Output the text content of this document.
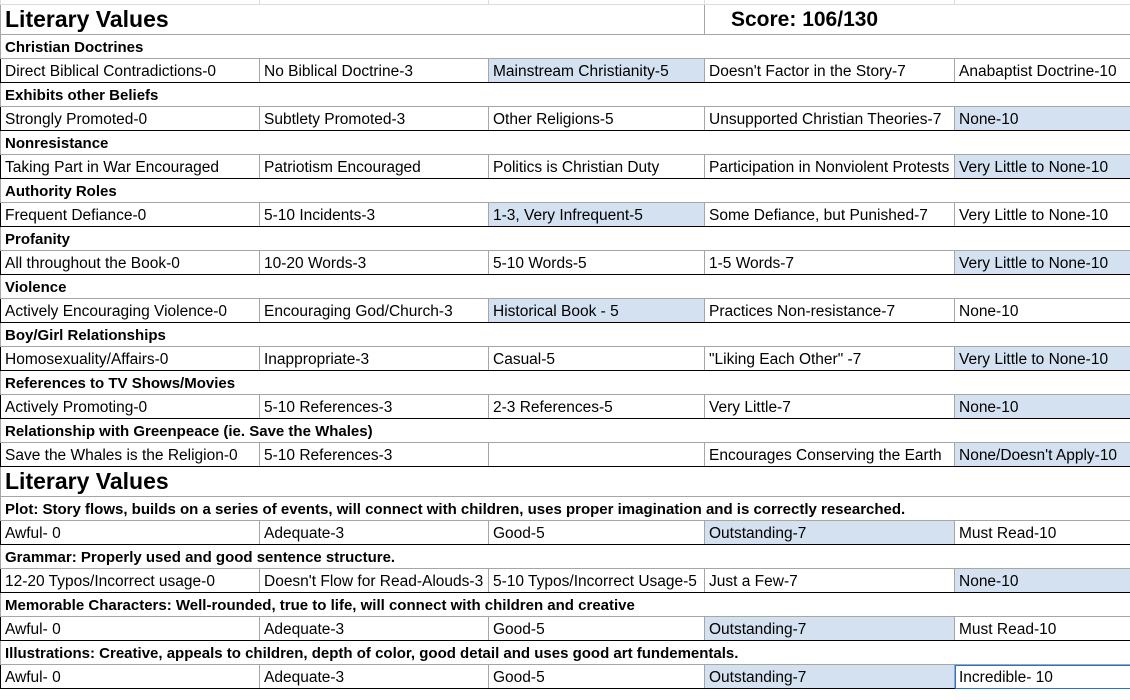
Literary Values			Score: 106/130	
Christian Doctrines				
Direct Biblical Contradictions-0	No Biblical Doctrine-3	Mainstream Christianity-5	Doesn't Factor in the Story-7	Anabaptist Doctrine-10
Exhibits other Beliefs				
Strongly Promoted-0	Subtlety Promoted-3	Other Religions-5	Unsupported Christian Theories-7	None-10
Nonresistance				
Taking Part in War Encouraged	Patriotism Encouraged	Politics is Christian Duty	Participation in Nonviolent Protests	Very Little to None-10
Authority Roles				
Frequent Defiance-0	5-10 Incidents-3	1-3, Very Infrequent-5	Some Defiance, but Punished-7	Very Little to None-10
Profanity				
All throughout the Book-0	10-20 Words-3	5-10 Words-5	1-5 Words-7	Very Little to None-10
Violence				
Actively Encouraging Violence-0	Encouraging God/Church-3	Historical Book - 5	Practices Non-resistance-7	None-10
Boy/Girl Relationships				
Homosexuality/Affairs-0	Inappropriate-3	Casual-5	"Liking Each Other" -7	Very Little to None-10
References to TV Shows/Movies				
Actively Promoting-0	5-10 References-3	2-3 References-5	Very Little-7	None-10
Relationship with Greenpeace (ie. Save the Whales)				
Save the Whales is the Religion-0	5-10 References-3		Encourages Conserving the Earth	None/Doesn't Apply-10
Literary Values				
Plot: Story flows, builds on a series of events, will connect with children, uses proper imagination and is correctly researched.				
Awful- 0	Adequate-3	Good-5	Outstanding-7	Must Read-10
Grammar: Properly used and good sentence structure.				
12-20 Typos/Incorrect usage-0	Doesn't Flow for Read-Alouds-3	5-10 Typos/Incorrect Usage-5	Just a Few-7	None-10
Memorable Characters: Well-rounded, true to life, will connect with children and creative				
Awful- 0	Adequate-3	Good-5	Outstanding-7	Must Read-10
Illustrations: Creative, appeals to children, depth of color, good detail and uses good art fundementals.				
Awful- 0	Adequate-3	Good-5	Outstanding-7	Incredible- 10
